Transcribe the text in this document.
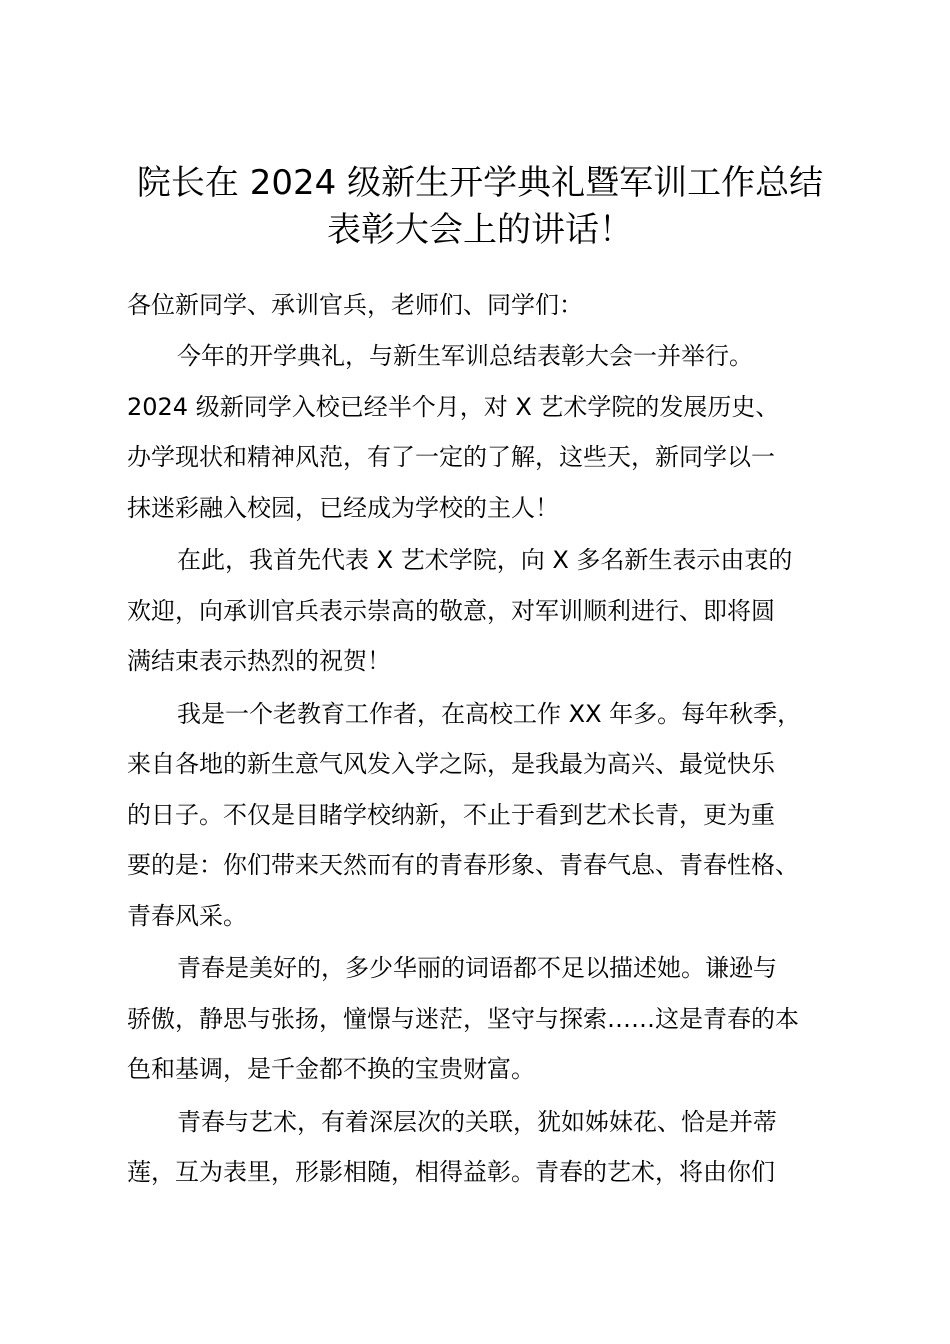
院长在 2024 级新生开学典礼暨军训工作总结
表彰大会上的讲话！

各位新同学、承训官兵，老师们、同学们：

今年的开学典礼，与新生军训总结表彰大会一并举行。
2024 级新同学入校已经半个月，对 X 艺术学院的发展历史、
办学现状和精神风范，有了一定的了解，这些天，新同学以一
抹迷彩融入校园，已经成为学校的主人！

在此，我首先代表 X 艺术学院，向 X 多名新生表示由衷的
欢迎，向承训官兵表示崇高的敬意，对军训顺利进行、即将圆
满结束表示热烈的祝贺！

我是一个老教育工作者，在高校工作 XX 年多。每年秋季，
来自各地的新生意气风发入学之际，是我最为高兴、最觉快乐
的日子。不仅是目睹学校纳新，不止于看到艺术长青，更为重
要的是：你们带来天然而有的青春形象、青春气息、青春性格、
青春风采。

青春是美好的，多少华丽的词语都不足以描述她。谦逊与
骄傲，静思与张扬，憧憬与迷茫，坚守与探索……这是青春的本
色和基调，是千金都不换的宝贵财富。

青春与艺术，有着深层次的关联，犹如姊妹花、恰是并蒂
莲，互为表里，形影相随，相得益彰。青春的艺术，将由你们
